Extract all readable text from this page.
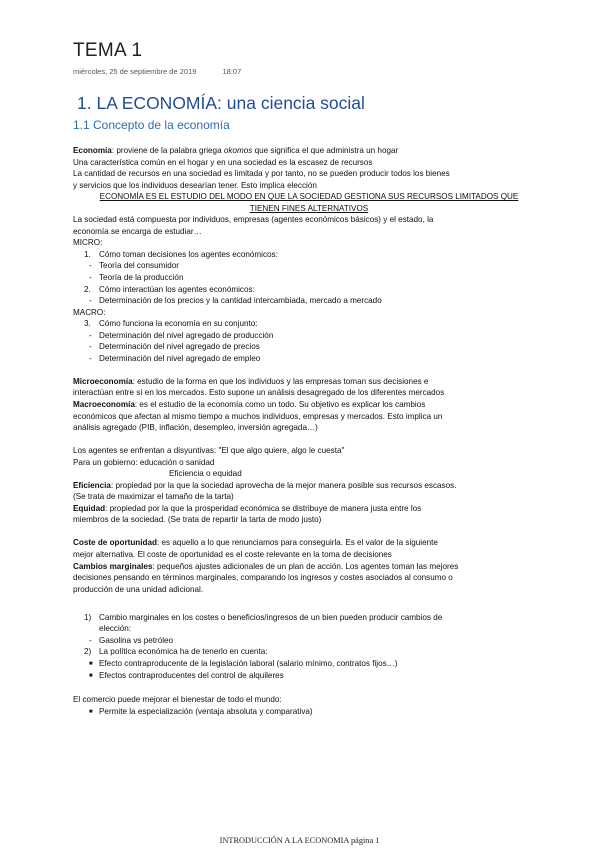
TEMA 1
miércoles, 25 de septiembre de 2019	18:07
1. LA ECONOMÍA: una ciencia social
1.1 Concepto de la economía

Economía: proviene de la palabra griega okomos que significa el que administra un hogar

Una característica común en el hogar y en una sociedad es la escasez de recursos

La cantidad de recursos en una sociedad es limitada y por tanto, no se pueden producir todos los bienes

y servicios que los individuos desearían tener. Esto implica elección

ECONOMÍA ES EL ESTUDIO DEL MODO EN QUE LA SOCIEDAD GESTIONA SUS RECURSOS LIMITADOS QUE

TIENEN FINES ALTERNATIVOS

La sociedad está compuesta por individuos, empresas (agentes económicos básicos) y el estado, la

economía se encarga de estudiar…

MICRO:

1. Cómo toman decisiones los agentes económicos:

- Teoría del consumidor

- Teoría de la producción

2. Cómo interactúan los agentes económicos:

- Determinación de los precios y la cantidad intercambiada, mercado a mercado

MACRO:

3. Cómo funciona la economía en su conjunto:

- Determinación del nivel agregado de producción

- Determinación del nivel agregado de precios

- Determinación del nivel agregado de empleo

Microeconomía: estudio de la forma en que los individuos y las empresas toman sus decisiones e

interactúan entre sí en los mercados. Esto supone un análisis desagregado de los diferentes mercados

Macroeconomía: es el estudio de la economía como un todo. Su objetivo es explicar los cambios

económicos que afectan al mismo tiempo a muchos individuos, empresas y mercados. Esto implica un

análisis agregado (PIB, inflación, desempleo, inversión agregada…)

Los agentes se enfrentan a disyuntivas: "El que algo quiere, algo le cuesta"

Para un gobierno: educación o sanidad

Eficiencia o equidad

Eficiencia: propiedad por la que la sociedad aprovecha de la mejor manera posible sus recursos escasos.

(Se trata de maximizar el tamaño de la tarta)

Equidad: propiedad por la que la prosperidad económica se distribuye de manera justa entre los

miembros de la sociedad. (Se trata de repartir la tarta de modo justo)

Coste de oportunidad: es aquello a lo que renunciamos para conseguirla. Es el valor de la siguiente

mejor alternativa. El coste de oportunidad es el coste relevante en la toma de decisiones

Cambios marginales: pequeños ajustes adicionales de un plan de acción. Los agentes toman las mejores

decisiones pensando en términos marginales, comparando los ingresos y costes asociados al consumo o

producción de una unidad adicional.

1) Cambio marginales en los costes o beneficios/ingresos de un bien pueden producir cambios de

elección:

- Gasolina vs petróleo

2) La política económica ha de tenerlo en cuenta:

■ Efecto contraproducente de la legislación laboral (salario mínimo, contratos fijos…)

■ Efectos contraproducentes del control de alquileres

El comercio puede mejorar el bienestar de todo el mundo:

■ Permite la especialización (ventaja absoluta y comparativa)

INTRODUCCIÓN A LA ECONOMIA página 1
